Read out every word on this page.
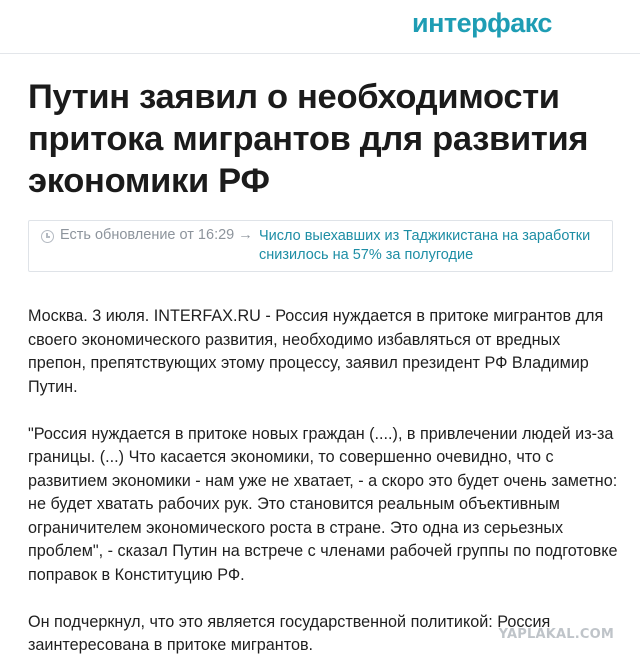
интерфакс
Путин заявил о необходимости притока мигрантов для развития экономики РФ
Есть обновление от 16:29 → Число выехавших из Таджикистана на заработки снизилось на 57% за полугодие

Москва. 3 июля. INTERFAX.RU - Россия нуждается в притоке мигрантов для своего экономического развития, необходимо избавляться от вредных препон, препятствующих этому процессу, заявил президент РФ Владимир Путин.

"Россия нуждается в притоке новых граждан (....), в привлечении людей из-за границы. (...) Что касается экономики, то совершенно очевидно, что с развитием экономики - нам уже не хватает, - а скоро это будет очень заметно: не будет хватать рабочих рук. Это становится реальным объективным ограничителем экономического роста в стране. Это одна из серьезных проблем", - сказал Путин на встрече с членами рабочей группы по подготовке поправок в Конституцию РФ.

Он подчеркнул, что это является государственной политикой: Россия заинтересована в притоке мигрантов.

YAPLAKAL.COM
